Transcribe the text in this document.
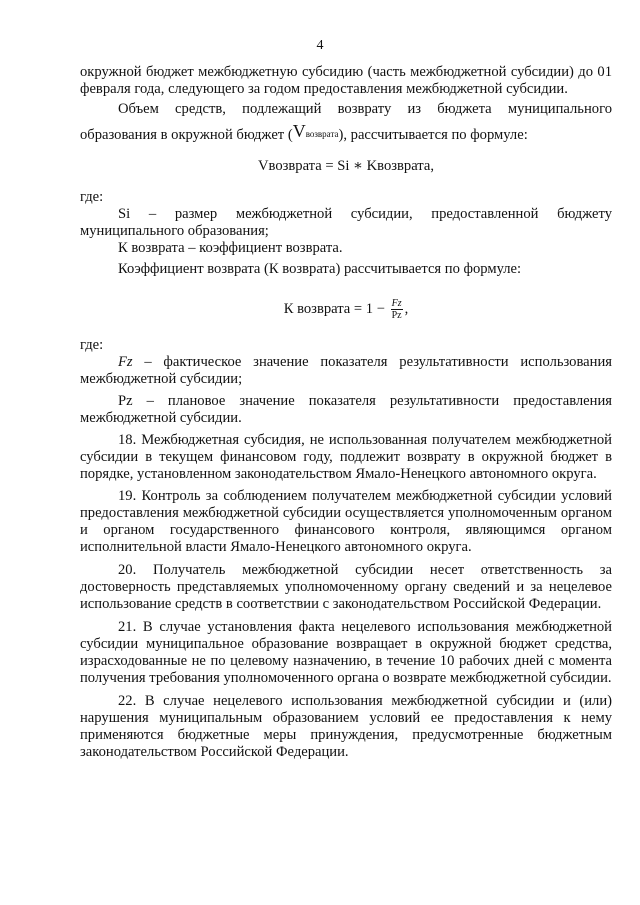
4

окружной бюджет межбюджетную субсидию (часть межбюджетной субсидии) до 01 февраля года, следующего за годом предоставления межбюджетной субсидии.

Объем средств, подлежащий возврату из бюджета муниципального образования в окружной бюджет $(V^{возврата})$, рассчитывается по формуле:

Vвозврата = Si ∗ Kвозврата,

где:

Si – размер межбюджетной субсидии, предоставленной бюджету муниципального образования;

К возврата – коэффициент возврата.

Коэффициент возврата (К возврата) рассчитывается по формуле:

К возврата = $1 - \frac{Fz}{Pz}$ ,

где:

Fz – фактическое значение показателя результативности использования межбюджетной субсидии;

Pz – плановое значение показателя результативности предоставления межбюджетной субсидии.

18. Межбюджетная субсидия, не использованная получателем межбюджетной субсидии в текущем финансовом году, подлежит возврату в окружной бюджет в порядке, установленном законодательством Ямало-Ненецкого автономного округа.

19. Контроль за соблюдением получателем межбюджетной субсидии условий предоставления межбюджетной субсидии осуществляется уполномоченным органом и органом государственного финансового контроля, являющимся органом исполнительной власти Ямало-Ненецкого автономного округа.

20. Получатель межбюджетной субсидии несет ответственность за достоверность представляемых уполномоченному органу сведений и за нецелевое использование средств в соответствии с законодательством Российской Федерации.

21. В случае установления факта нецелевого использования межбюджетной субсидии муниципальное образование возвращает в окружной бюджет средства, израсходованные не по целевому назначению, в течение 10 рабочих дней с момента получения требования уполномоченного органа о возврате межбюджетной субсидии.

22. В случае нецелевого использования межбюджетной субсидии и (или) нарушения муниципальным образованием условий ее предоставления к нему применяются бюджетные меры принуждения, предусмотренные бюджетным законодательством Российской Федерации.
